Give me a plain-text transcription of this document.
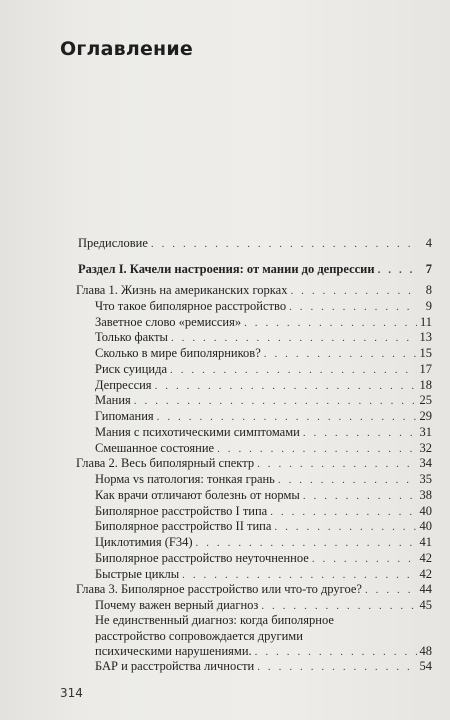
Оглавление
Предисловие . . .	4
Раздел I. Качели настроения: от мании до депрессии . . .	7
Глава 1. Жизнь на американских горках . . .	8
Что такое биполярное расстройство . . .	9
Заветное слово «ремиссия» . . .	11
Только факты . . .	13
Сколько в мире биполярников? . . .	15
Риск суицида . . .	17
Депрессия . . .	18
Мания . . .	25
Гипомания . . .	29
Мания с психотическими симптомами . . .	31
Смешанное состояние . . .	32
Глава 2. Весь биполярный спектр . . .	34
Норма vs патология: тонкая грань . . .	35
Как врачи отличают болезнь от нормы . . .	38
Биполярное расстройство I типа . . .	40
Биполярное расстройство II типа . . .	40
Циклотимия (F34) . . .	41
Биполярное расстройство неуточненное . . .	42
Быстрые циклы . . .	42
Глава 3. Биполярное расстройство или что-то другое? . . .	44
Почему важен верный диагноз . . .	45
Не единственный диагноз: когда биполярное
расстройство сопровождается другими
психическими нарушениями. . . .	48
БАР и расстройства личности . . .	54
314
